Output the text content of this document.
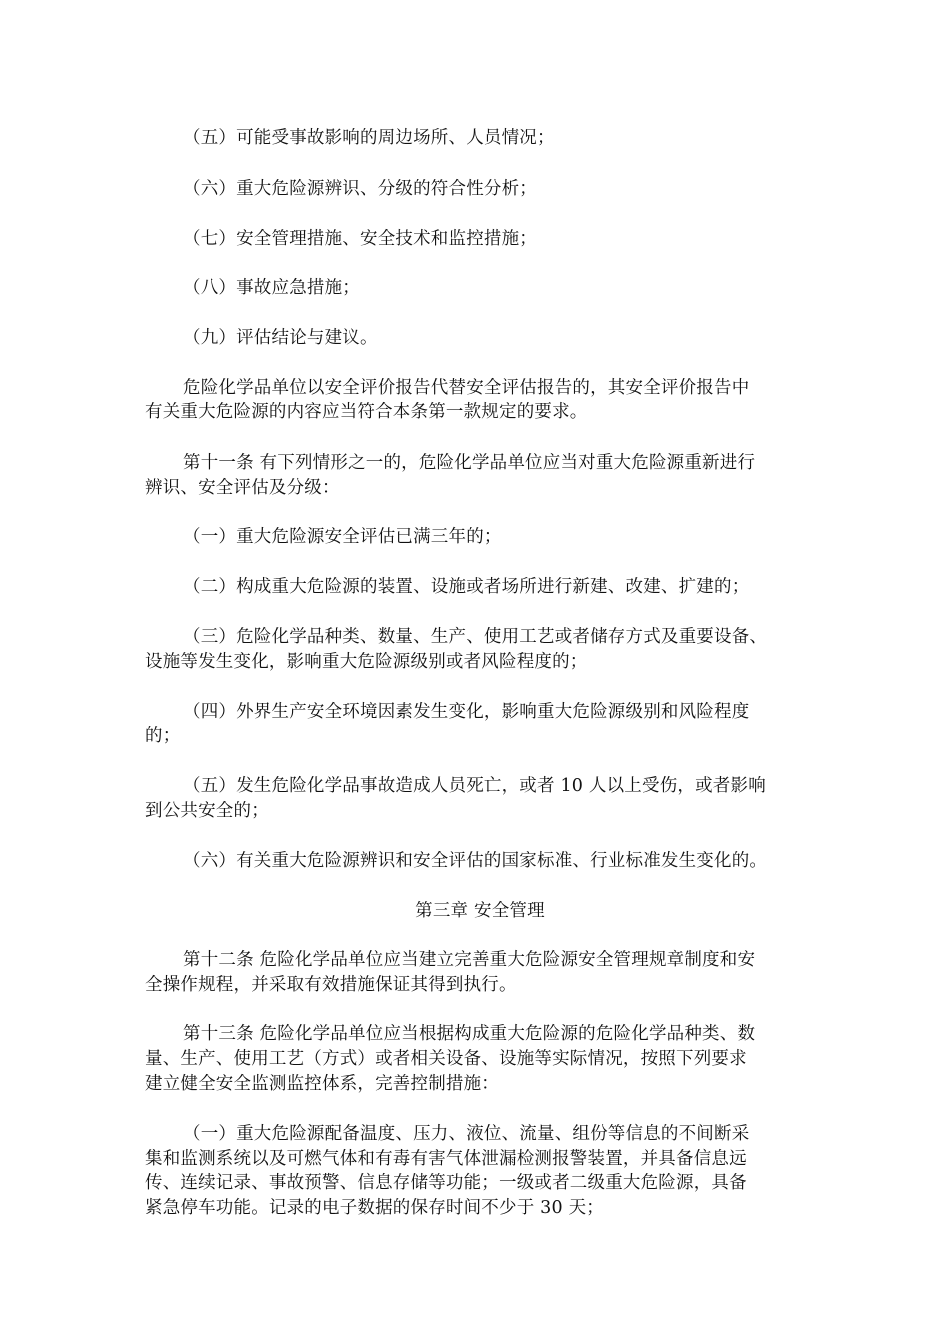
（五）可能受事故影响的周边场所、人员情况；
（六）重大危险源辨识、分级的符合性分析；
（七）安全管理措施、安全技术和监控措施；
（八）事故应急措施；
（九）评估结论与建议。
危险化学品单位以安全评价报告代替安全评估报告的，其安全评价报告中
有关重大危险源的内容应当符合本条第一款规定的要求。
第十一条 有下列情形之一的，危险化学品单位应当对重大危险源重新进行
辨识、安全评估及分级：
（一）重大危险源安全评估已满三年的；
（二）构成重大危险源的装置、设施或者场所进行新建、改建、扩建的；
（三）危险化学品种类、数量、生产、使用工艺或者储存方式及重要设备、
设施等发生变化，影响重大危险源级别或者风险程度的；
（四）外界生产安全环境因素发生变化，影响重大危险源级别和风险程度
的；
（五）发生危险化学品事故造成人员死亡，或者 10 人以上受伤，或者影响
到公共安全的；
（六）有关重大危险源辨识和安全评估的国家标准、行业标准发生变化的。
第三章 安全管理
第十二条 危险化学品单位应当建立完善重大危险源安全管理规章制度和安
全操作规程，并采取有效措施保证其得到执行。
第十三条 危险化学品单位应当根据构成重大危险源的危险化学品种类、数
量、生产、使用工艺（方式）或者相关设备、设施等实际情况，按照下列要求
建立健全安全监测监控体系，完善控制措施：
（一）重大危险源配备温度、压力、液位、流量、组份等信息的不间断采
集和监测系统以及可燃气体和有毒有害气体泄漏检测报警装置，并具备信息远
传、连续记录、事故预警、信息存储等功能；一级或者二级重大危险源，具备
紧急停车功能。记录的电子数据的保存时间不少于 30 天；
